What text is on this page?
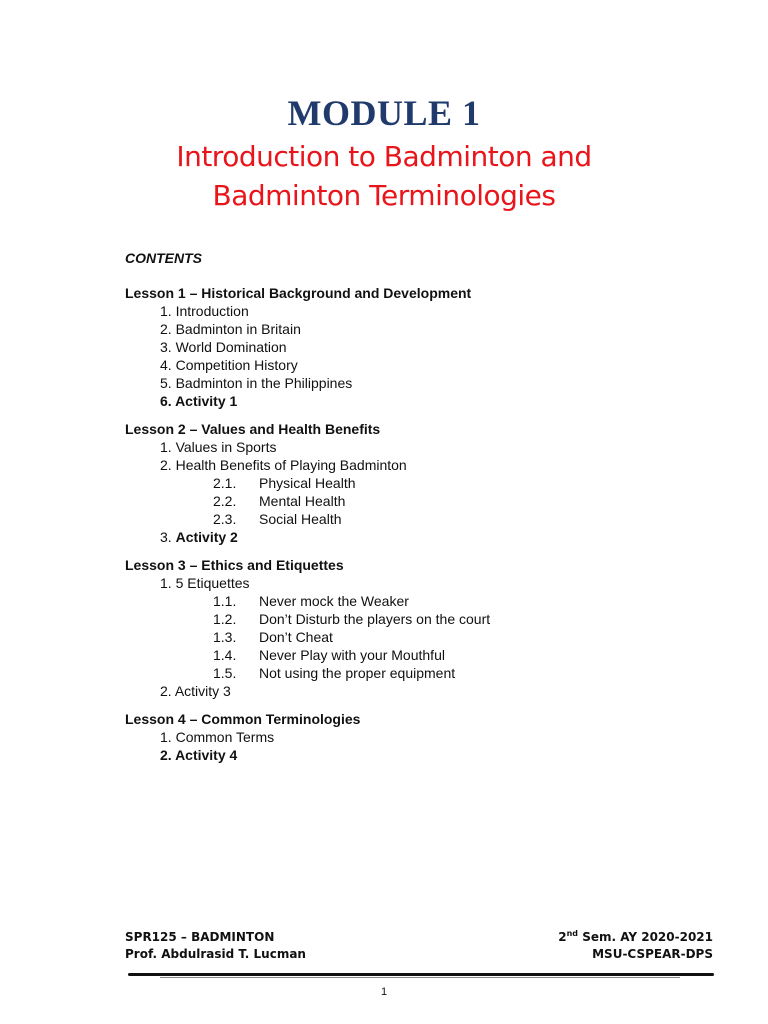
MODULE 1
Introduction to Badminton and
Badminton Terminologies
CONTENTS
Lesson 1 – Historical Background and Development
1. Introduction
2. Badminton in Britain
3. World Domination
4. Competition History
5. Badminton in the Philippines
6. Activity 1
Lesson 2 – Values and Health Benefits
1. Values in Sports
2. Health Benefits of Playing Badminton
2.1. Physical Health
2.2. Mental Health
2.3. Social Health
3. Activity 2
Lesson 3 – Ethics and Etiquettes
1. 5 Etiquettes
1.1. Never mock the Weaker
1.2. Don’t Disturb the players on the court
1.3. Don’t Cheat
1.4. Never Play with your Mouthful
1.5. Not using the proper equipment
2. Activity 3
Lesson 4 – Common Terminologies
1. Common Terms
2. Activity 4
SPR125 – BADMINTON	2nd Sem. AY 2020-2021
Prof. Abdulrasid T. Lucman	MSU-CSPEAR-DPS
1
